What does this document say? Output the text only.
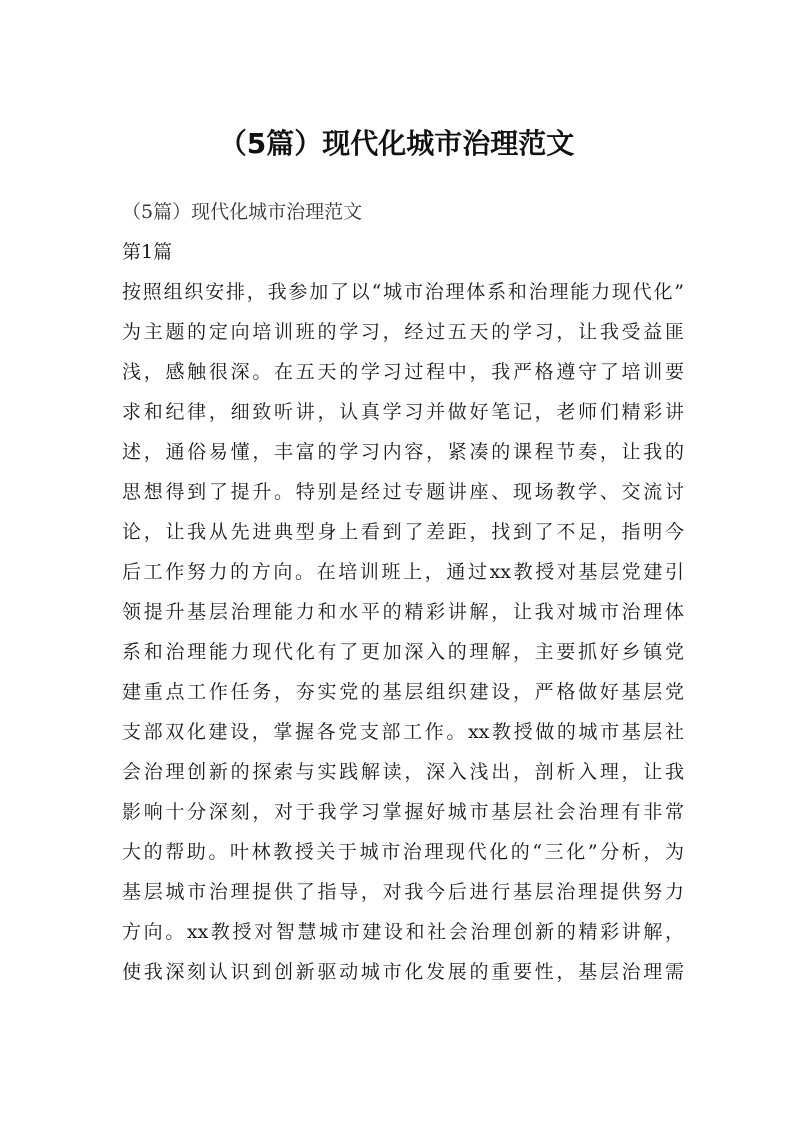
（5篇）现代化城市治理范文

（5篇）现代化城市治理范文

第1篇

按照组织安排，我参加了以“城市治理体系和治理能力现代化”

为主题的定向培训班的学习，经过五天的学习，让我受益匪

浅，感触很深。在五天的学习过程中，我严格遵守了培训要

求和纪律，细致听讲，认真学习并做好笔记，老师们精彩讲

述，通俗易懂，丰富的学习内容，紧凑的课程节奏，让我的

思想得到了提升。特别是经过专题讲座、现场教学、交流讨

论，让我从先进典型身上看到了差距，找到了不足，指明今

后工作努力的方向。在培训班上，通过xx教授对基层党建引

领提升基层治理能力和水平的精彩讲解，让我对城市治理体

系和治理能力现代化有了更加深入的理解，主要抓好乡镇党

建重点工作任务，夯实党的基层组织建设，严格做好基层党

支部双化建设，掌握各党支部工作。xx教授做的城市基层社

会治理创新的探索与实践解读，深入浅出，剖析入理，让我

影响十分深刻，对于我学习掌握好城市基层社会治理有非常

大的帮助。叶林教授关于城市治理现代化的“三化”分析，为

基层城市治理提供了指导，对我今后进行基层治理提供努力

方向。xx教授对智慧城市建设和社会治理创新的精彩讲解，

使我深刻认识到创新驱动城市化发展的重要性，基层治理需
